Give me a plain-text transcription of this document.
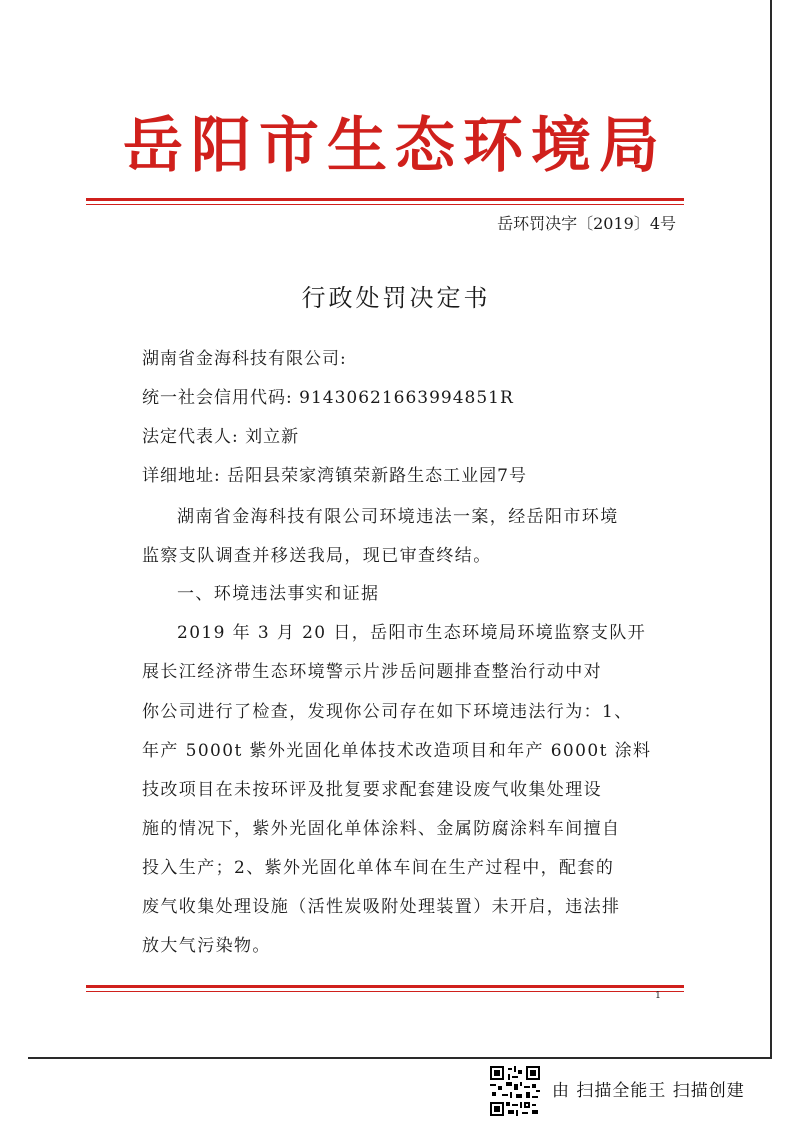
岳阳市生态环境局
岳环罚决字〔2019〕4号
行政处罚决定书
湖南省金海科技有限公司:
统一社会信用代码: 91430621663994851R
法定代表人: 刘立新
详细地址: 岳阳县荣家湾镇荣新路生态工业园7号
湖南省金海科技有限公司环境违法一案，经岳阳市环境
监察支队调查并移送我局，现已审查终结。
一、环境违法事实和证据
2019 年 3 月 20 日，岳阳市生态环境局环境监察支队开
展长江经济带生态环境警示片涉岳问题排查整治行动中对
你公司进行了检查，发现你公司存在如下环境违法行为：1、
年产 5000t 紫外光固化单体技术改造项目和年产 6000t 涂料
技改项目在未按环评及批复要求配套建设废气收集处理设
施的情况下，紫外光固化单体涂料、金属防腐涂料车间擅自
投入生产；2、紫外光固化单体车间在生产过程中，配套的
废气收集处理设施（活性炭吸附处理装置）未开启，违法排
放大气污染物。
1
由 扫描全能王 扫描创建
